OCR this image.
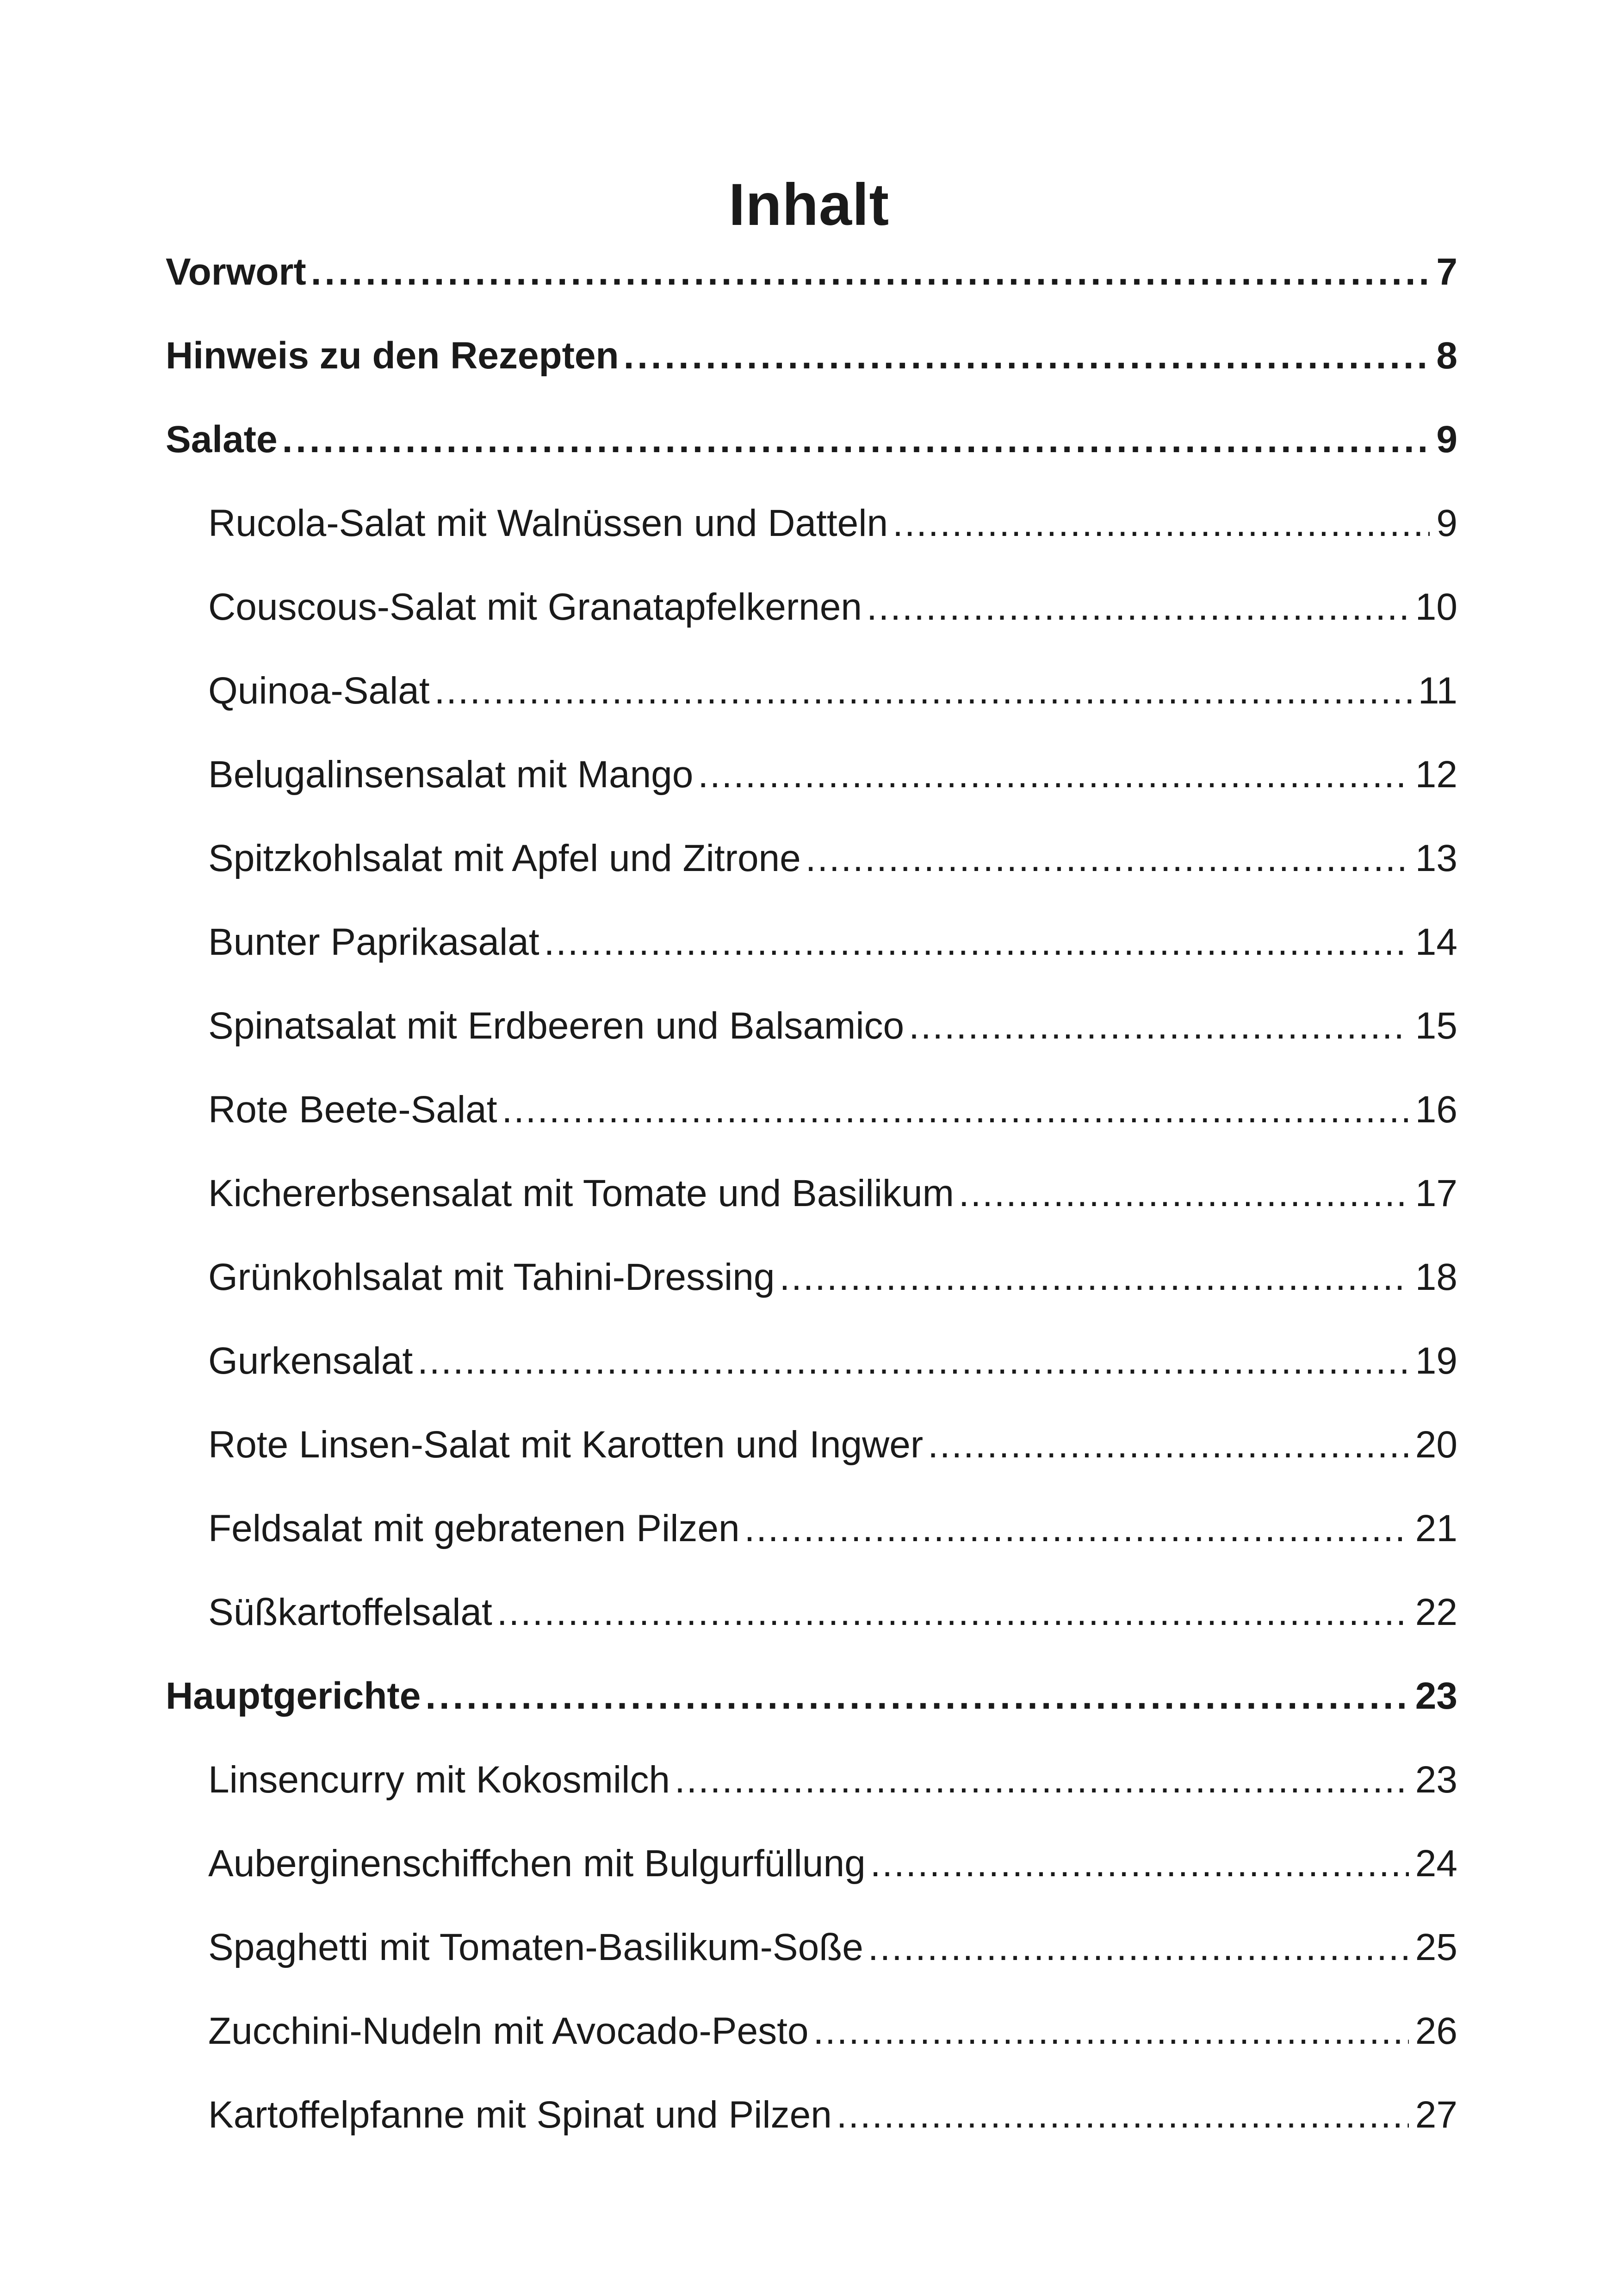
Inhalt
Vorwort . . .	7
Hinweis zu den Rezepten . . .	8
Salate . . .	9
Rucola-Salat mit Walnüssen und Datteln . . .	9
Couscous-Salat mit Granatapfelkernen . . .	10
Quinoa-Salat . . .	11
Belugalinsensalat mit Mango . . .	12
Spitzkohlsalat mit Apfel und Zitrone . . .	13
Bunter Paprikasalat . . .	14
Spinatsalat mit Erdbeeren und Balsamico . . .	15
Rote Beete-Salat . . .	16
Kichererbsensalat mit Tomate und Basilikum . . .	17
Grünkohlsalat mit Tahini-Dressing . . .	18
Gurkensalat . . .	19
Rote Linsen-Salat mit Karotten und Ingwer . . .	20
Feldsalat mit gebratenen Pilzen . . .	21
Süßkartoffelsalat . . .	22
Hauptgerichte . . .	23
Linsencurry mit Kokosmilch . . .	23
Auberginenschiffchen mit Bulgurfüllung . . .	24
Spaghetti mit Tomaten-Basilikum-Soße . . .	25
Zucchini-Nudeln mit Avocado-Pesto . . .	26
Kartoffelpfanne mit Spinat und Pilzen . . .	27
